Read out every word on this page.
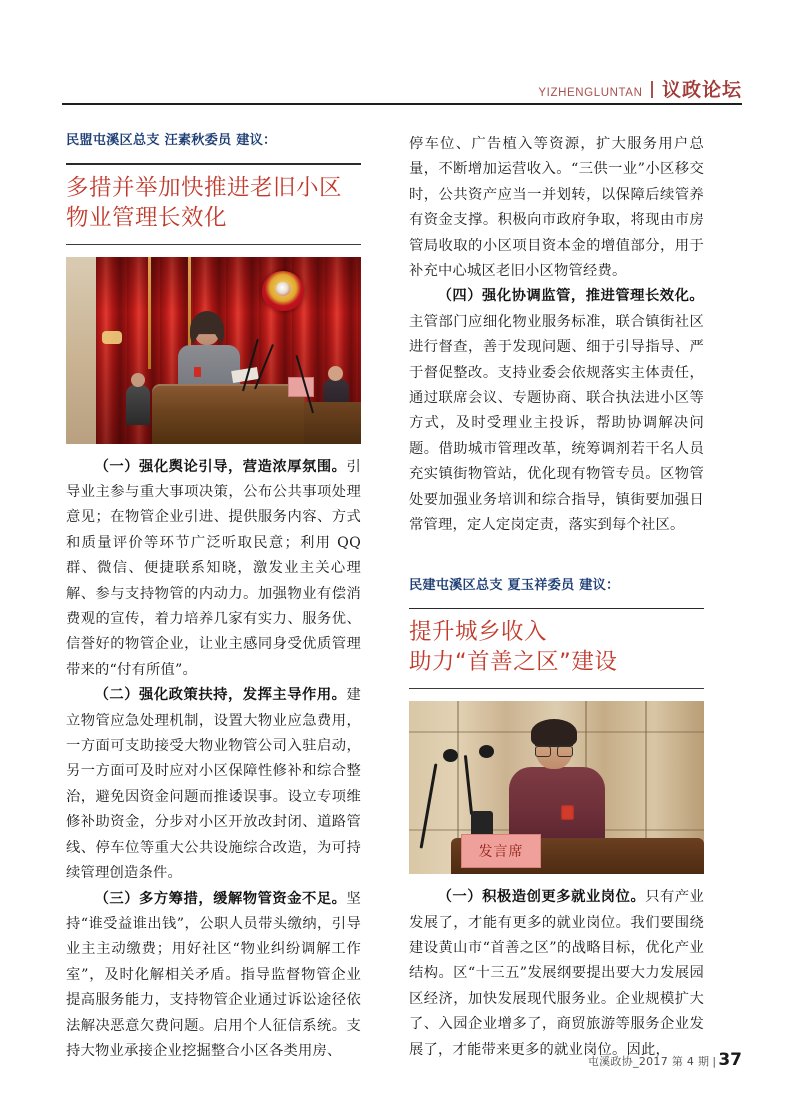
YIZHENGLUNTAN 议政论坛
民盟屯溪区总支 汪素秋委员 建议：
多措并举加快推进老旧小区
物业管理长效化

（一）强化舆论引导，营造浓厚氛围。引导业主参与重大事项决策，公布公共事项处理意见；在物管企业引进、提供服务内容、方式和质量评价等环节广泛听取民意；利用 QQ 群、微信、便捷联系知晓，激发业主关心理解、参与支持物管的内动力。加强物业有偿消费观的宣传，着力培养几家有实力、服务优、信誉好的物管企业，让业主感同身受优质管理带来的“付有所值”。

（二）强化政策扶持，发挥主导作用。建立物管应急处理机制，设置大物业应急费用，一方面可支助接受大物业物管公司入驻启动，另一方面可及时应对小区保障性修补和综合整治，避免因资金问题而推诿误事。设立专项维修补助资金，分步对小区开放改封闭、道路管线、停车位等重大公共设施综合改造，为可持续管理创造条件。

（三）多方筹措，缓解物管资金不足。坚持“谁受益谁出钱”，公职人员带头缴纳，引导业主主动缴费；用好社区“物业纠纷调解工作室”，及时化解相关矛盾。指导监督物管企业提高服务能力，支持物管企业通过诉讼途径依法解决恶意欠费问题。启用个人征信系统。支持大物业承接企业挖掘整合小区各类用房、

停车位、广告植入等资源，扩大服务用户总量，不断增加运营收入。“三供一业”小区移交时，公共资产应当一并划转，以保障后续管养有资金支撑。积极向市政府争取，将现由市房管局收取的小区项目资本金的增值部分，用于补充中心城区老旧小区物管经费。

（四）强化协调监管，推进管理长效化。主管部门应细化物业服务标准，联合镇街社区进行督查，善于发现问题、细于引导指导、严于督促整改。支持业委会依规落实主体责任，通过联席会议、专题协商、联合执法进小区等方式，及时受理业主投诉，帮助协调解决问题。借助城市管理改革，统筹调剂若干名人员充实镇街物管站，优化现有物管专员。区物管处要加强业务培训和综合指导，镇街要加强日常管理，定人定岗定责，落实到每个社区。

民建屯溪区总支 夏玉祥委员 建议：
提升城乡收入
助力“首善之区”建设
发言席

（一）积极造创更多就业岗位。只有产业发展了，才能有更多的就业岗位。我们要围绕建设黄山市“首善之区”的战略目标，优化产业结构。区“十三五”发展纲要提出要大力发展园区经济，加快发展现代服务业。企业规模扩大了、入园企业增多了，商贸旅游等服务企业发展了，才能带来更多的就业岗位。因此，

屯溪政协_2017 第 4 期 | 37
